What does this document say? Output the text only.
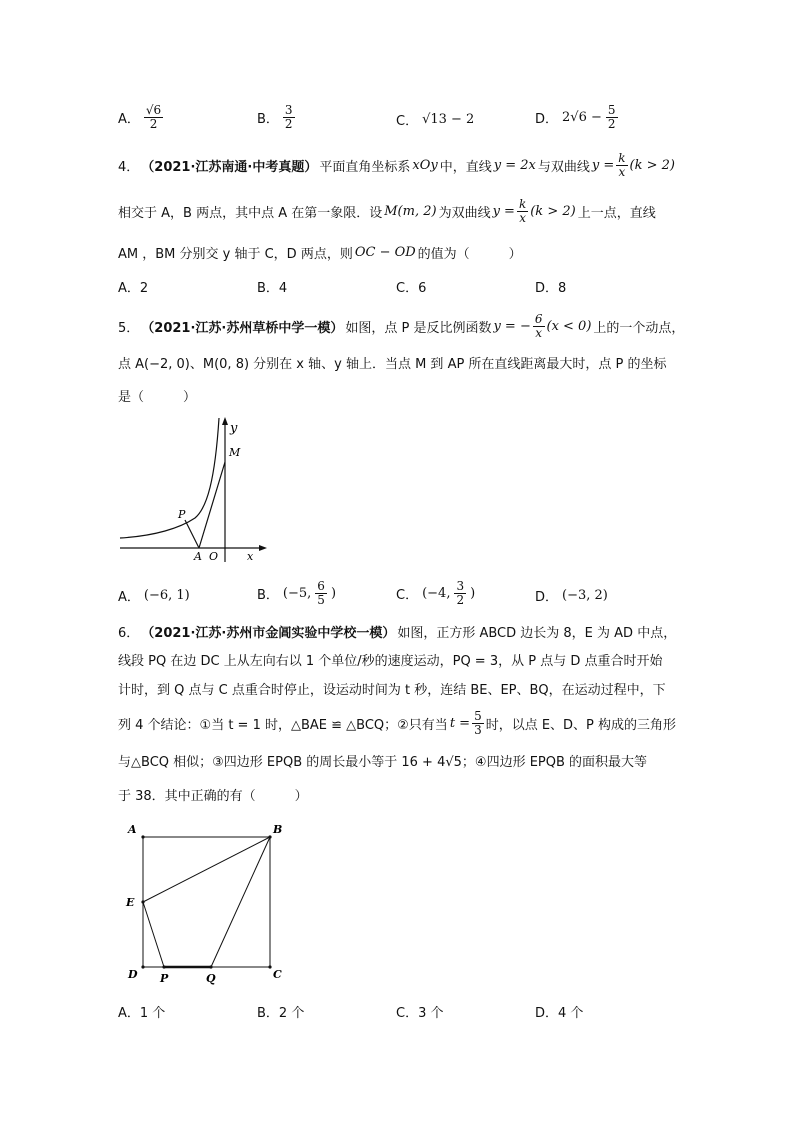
A． $\frac{√6}{2}$	B． $\frac{3}{2}$	C． √13 − 2	D． $2√6 - \frac{5}{2}$
4． （2021·江苏南通·中考真题） 平面直角坐标系 xOy 中，直线 y = 2x 与双曲线 $y = \frac{k}{x} (k > 2)$
相交于 A，B 两点，其中点 A 在第一象限．设 M(m, 2) 为双曲线 $y = \frac{k}{x} (k > 2)$ 上一点，直线
AM ，BM 分别交 y 轴于 C，D 两点，则 OC − OD 的值为（　　　）
A．2	B．4	C．6	D．8
5． （2021·江苏·苏州草桥中学一模） 如图，点 P 是反比例函数 y = − $\frac{6}{x} (x < 0)$ 上的一个动点，
点 A(−2, 0)、M(0, 8) 分别在 x 轴、y 轴上．当点 M 到 AP 所在直线距离最大时，点 P 的坐标
是（　　　）
y
M
P
A O	x
A． (−6, 1)	B． (−5, $\frac{6}{5}$ )	C． (−4, $\frac{3}{2}$ )	D． (−3, 2)
6． （2021·江苏·苏州市金阊实验中学校一模） 如图，正方形 ABCD 边长为 8，E 为 AD 中点，
线段 PQ 在边 DC 上从左向右以 1 个单位/秒的速度运动，PQ = 3，从 P 点与 D 点重合时开始
计时，到 Q 点与 C 点重合时停止，设运动时间为 t 秒，连结 BE、EP、BQ，在运动过程中，下
列 4 个结论：①当 t = 1 时，△BAE ≌ △BCQ；②只有当 $t = \frac{5}{3}$ 时，以点 E、D、P 构成的三角形
与△BCQ 相似；③四边形 EPQB 的周长最小等于 16 + 4√5；④四边形 EPQB 的面积最大等
于 38．其中正确的有（　　　）
A	B
E
D P	Q	C
A．1 个	B．2 个	C．3 个	D．4 个
